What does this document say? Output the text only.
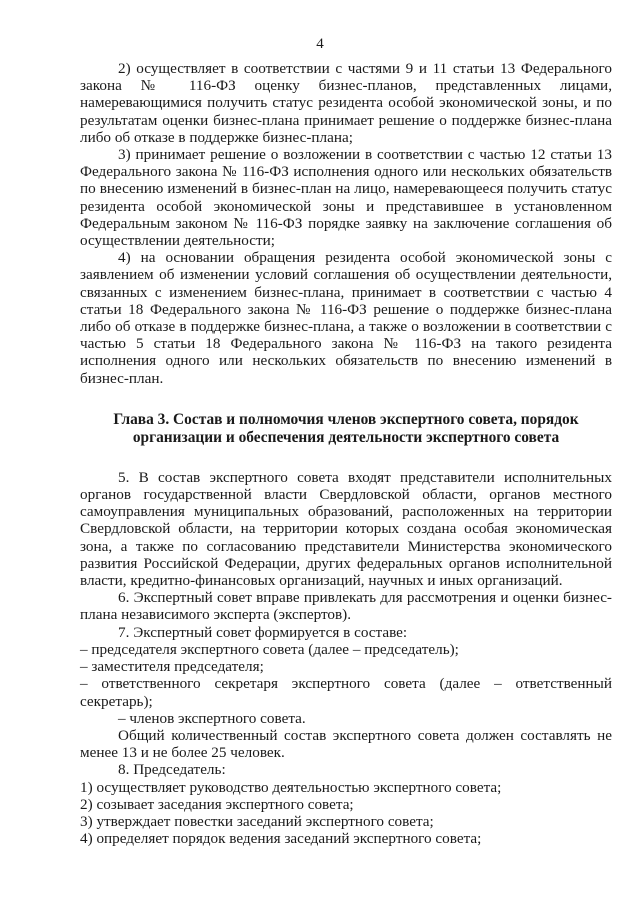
4

2) осуществляет в соответствии с частями 9 и 11 статьи 13 Федерального закона № 116-ФЗ оценку бизнес-планов, представленных лицами, намеревающимися получить статус резидента особой экономической зоны, и по результатам оценки бизнес-плана принимает решение о поддержке бизнес-плана либо об отказе в поддержке бизнес-плана;

3) принимает решение о возложении в соответствии с частью 12 статьи 13 Федерального закона № 116-ФЗ исполнения одного или нескольких обязательств по внесению изменений в бизнес-план на лицо, намеревающееся получить статус резидента особой экономической зоны и представившее в установленном Федеральным законом № 116-ФЗ порядке заявку на заключение соглашения об осуществлении деятельности;

4) на основании обращения резидента особой экономической зоны с заявлением об изменении условий соглашения об осуществлении деятельности, связанных с изменением бизнес-плана, принимает в соответствии с частью 4 статьи 18 Федерального закона № 116-ФЗ решение о поддержке бизнес-плана либо об отказе в поддержке бизнес-плана, а также о возложении в соответствии с частью 5 статьи 18 Федерального закона № 116-ФЗ на такого резидента исполнения одного или нескольких обязательств по внесению изменений в бизнес-план.

Глава 3. Состав и полномочия членов экспертного совета, порядок
организации и обеспечения деятельности экспертного совета

5. В состав экспертного совета входят представители исполнительных органов государственной власти Свердловской области, органов местного самоуправления муниципальных образований, расположенных на территории Свердловской области, на территории которых создана особая экономическая зона, а также по согласованию представители Министерства экономического развития Российской Федерации, других федеральных органов исполнительной власти, кредитно-финансовых организаций, научных и иных организаций.

6. Экспертный совет вправе привлекать для рассмотрения и оценки бизнес-плана независимого эксперта (экспертов).

7. Экспертный совет формируется в составе:

– председателя экспертного совета (далее – председатель);

– заместителя председателя;

– ответственного секретаря экспертного совета (далее – ответственный секретарь);

– членов экспертного совета.

Общий количественный состав экспертного совета должен составлять не менее 13 и не более 25 человек.

8. Председатель:

1) осуществляет руководство деятельностью экспертного совета;

2) созывает заседания экспертного совета;

3) утверждает повестки заседаний экспертного совета;

4) определяет порядок ведения заседаний экспертного совета;
